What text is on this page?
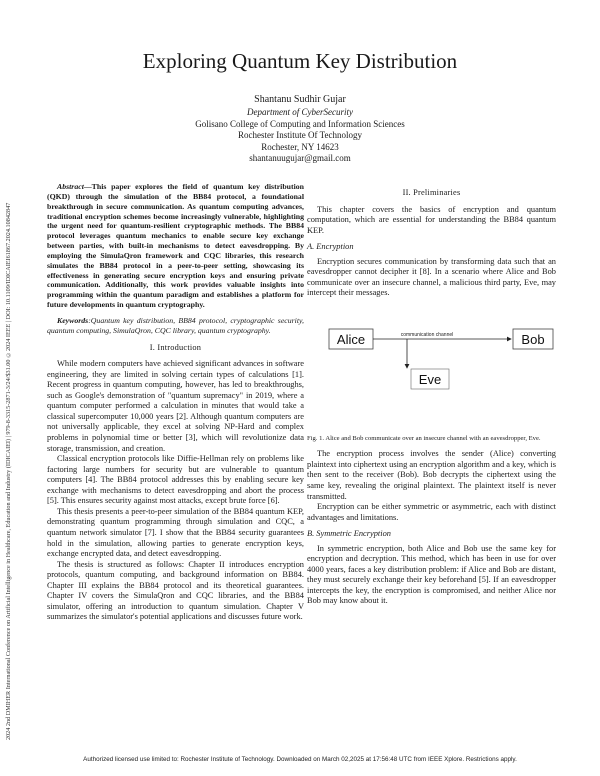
2024 2nd DMIHER International Conference on Artificial Intelligence in Healthcare, Education and Industry (IDICAIEI) | 979-8-3315-2871-3/24/$31.00 ©2024 IEEE | DOI: 10.1109/IDICAIEI61867.2024.10842847
Exploring Quantum Key Distribution
Shantanu Sudhir Gujar
Department of CyberSecurity
Golisano College of Computing and Information Sciences
Rochester Institute Of Technology
Rochester, NY 14623
shantanuugujar@gmail.com

Abstract—This paper explores the field of quantum key distribution (QKD) through the simulation of the BB84 protocol, a foundational breakthrough in secure communication. As quantum computing advances, traditional encryption schemes become increasingly vulnerable, highlighting the urgent need for quantum-resilient cryptographic methods. The BB84 protocol leverages quantum mechanics to enable secure key exchange between parties, with built-in mechanisms to detect eavesdropping. By employing the SimulaQron framework and CQC libraries, this research simulates the BB84 protocol in a peer-to-peer setting, showcasing its effectiveness in generating secure encryption keys and ensuring private communication. Additionally, this work provides valuable insights into programming within the quantum paradigm and establishes a platform for future developments in quantum cryptography.

Keywords:Quantum key distribution, BB84 protocol, cryptographic security, quantum computing, SimulaQron, CQC library, quantum cryptography.

I. Introduction

While modern computers have achieved significant advances in software engineering, they are limited in solving certain types of calculations [1]. Recent progress in quantum computing, however, has led to breakthroughs, such as Google's demonstration of "quantum supremacy" in 2019, where a quantum computer performed a calculation in minutes that would take a classical supercomputer 10,000 years [2]. Although quantum computers are not universally applicable, they excel at solving NP-Hard and complex problems in polynomial time or better [3], which will revolutionize data storage, transmission, and creation.

Classical encryption protocols like Diffie-Hellman rely on problems like factoring large numbers for security but are vulnerable to quantum computers [4]. The BB84 protocol addresses this by enabling secure key exchange with mechanisms to detect eavesdropping and abort the process [5]. This ensures security against most attacks, except brute force [6].

This thesis presents a peer-to-peer simulation of the BB84 quantum KEP, demonstrating quantum programming through simulation and CQC, a quantum network simulator [7]. I show that the BB84 security guarantees hold in the simulation, allowing parties to generate encryption keys, exchange encrypted data, and detect eavesdropping.

The thesis is structured as follows: Chapter II introduces encryption protocols, quantum computing, and background information on BB84. Chapter III explains the BB84 protocol and its theoretical guarantees. Chapter IV covers the SimulaQron and CQC libraries, and the BB84 simulator, offering an introduction to quantum simulation. Chapter V summarizes the simulator's potential applications and discusses future work.

II. Preliminaries

This chapter covers the basics of encryption and quantum computation, which are essential for understanding the BB84 quantum KEP.

A. Encryption

Encryption secures communication by transforming data such that an eavesdropper cannot decipher it [8]. In a scenario where Alice and Bob communicate over an insecure channel, a malicious third party, Eve, may intercept their messages.

Alice	Bob
communication channel
Eve

Fig. 1. Alice and Bob communicate over an insecure channel with an eavesdropper, Eve.

The encryption process involves the sender (Alice) converting plaintext into ciphertext using an encryption algorithm and a key, which is then sent to the receiver (Bob). Bob decrypts the ciphertext using the same key, revealing the original plaintext. The plaintext itself is never transmitted.

Encryption can be either symmetric or asymmetric, each with distinct advantages and limitations.

B. Symmetric Encryption

In symmetric encryption, both Alice and Bob use the same key for encryption and decryption. This method, which has been in use for over 4000 years, faces a key distribution problem: if Alice and Bob are distant, they must securely exchange their key beforehand [5]. If an eavesdropper intercepts the key, the encryption is compromised, and neither Alice nor Bob may know about it.

Authorized licensed use limited to: Rochester Institute of Technology. Downloaded on March 02,2025 at 17:56:48 UTC from IEEE Xplore. Restrictions apply.
